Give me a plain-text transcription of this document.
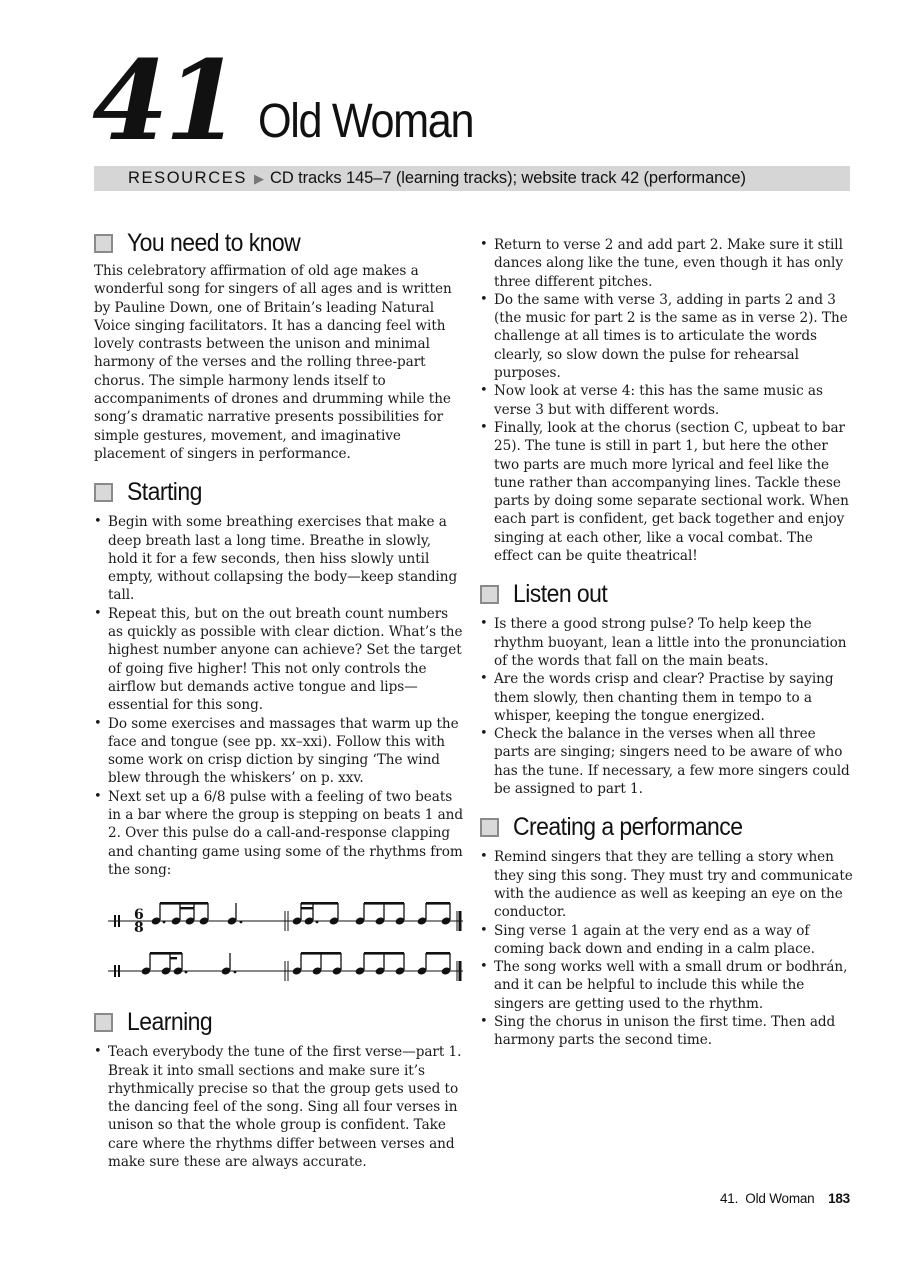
41 Old Woman
RESOURCES ▶ CD tracks 145–7 (learning tracks); website track 42 (performance)
You need to know

This celebratory affirmation of old age makes a wonderful song for singers of all ages and is written by Pauline Down, one of Britain’s leading Natural Voice singing facilitators. It has a dancing feel with lovely contrasts between the unison and minimal harmony of the verses and the rolling three-part chorus. The simple harmony lends itself to accompaniments of drones and drumming while the song’s dramatic narrative presents possibilities for simple gestures, movement, and imaginative placement of singers in performance.

Starting
• Begin with some breathing exercises that make a deep breath last a long time. Breathe in slowly, hold it for a few seconds, then hiss slowly until empty, without collapsing the body—keep standing tall.
• Repeat this, but on the out breath count numbers as quickly as possible with clear diction. What’s the highest number anyone can achieve? Set the target of going five higher! This not only controls the airflow but demands active tongue and lips—essential for this song.
• Do some exercises and massages that warm up the face and tongue (see pp. xx–xxi). Follow this with some work on crisp diction by singing ‘The wind blew through the whiskers’ on p. xxv.
• Next set up a 6/8 pulse with a feeling of two beats in a bar where the group is stepping on beats 1 and 2. Over this pulse do a call-and-response clapping and chanting game using some of the rhythms from the song:
6
8
Learning
• Teach everybody the tune of the first verse—part 1. Break it into small sections and make sure it’s rhythmically precise so that the group gets used to the dancing feel of the song. Sing all four verses in unison so that the whole group is confident. Take care where the rhythms differ between verses and make sure these are always accurate.
• Return to verse 2 and add part 2. Make sure it still dances along like the tune, even though it has only three different pitches.
• Do the same with verse 3, adding in parts 2 and 3 (the music for part 2 is the same as in verse 2). The challenge at all times is to articulate the words clearly, so slow down the pulse for rehearsal purposes.
• Now look at verse 4: this has the same music as verse 3 but with different words.
• Finally, look at the chorus (section C, upbeat to bar 25). The tune is still in part 1, but here the other two parts are much more lyrical and feel like the tune rather than accompanying lines. Tackle these parts by doing some separate sectional work. When each part is confident, get back together and enjoy singing at each other, like a vocal combat. The effect can be quite theatrical!
Listen out
• Is there a good strong pulse? To help keep the rhythm buoyant, lean a little into the pronunciation of the words that fall on the main beats.
• Are the words crisp and clear? Practise by saying them slowly, then chanting them in tempo to a whisper, keeping the tongue energized.
• Check the balance in the verses when all three parts are singing; singers need to be aware of who has the tune. If necessary, a few more singers could be assigned to part 1.
Creating a performance
• Remind singers that they are telling a story when they sing this song. They must try and communicate with the audience as well as keeping an eye on the conductor.
• Sing verse 1 again at the very end as a way of coming back down and ending in a calm place.
• The song works well with a small drum or bodhrán, and it can be helpful to include this while the singers are getting used to the rhythm.
• Sing the chorus in unison the first time. Then add harmony parts the second time.
41.  Old Woman 183
